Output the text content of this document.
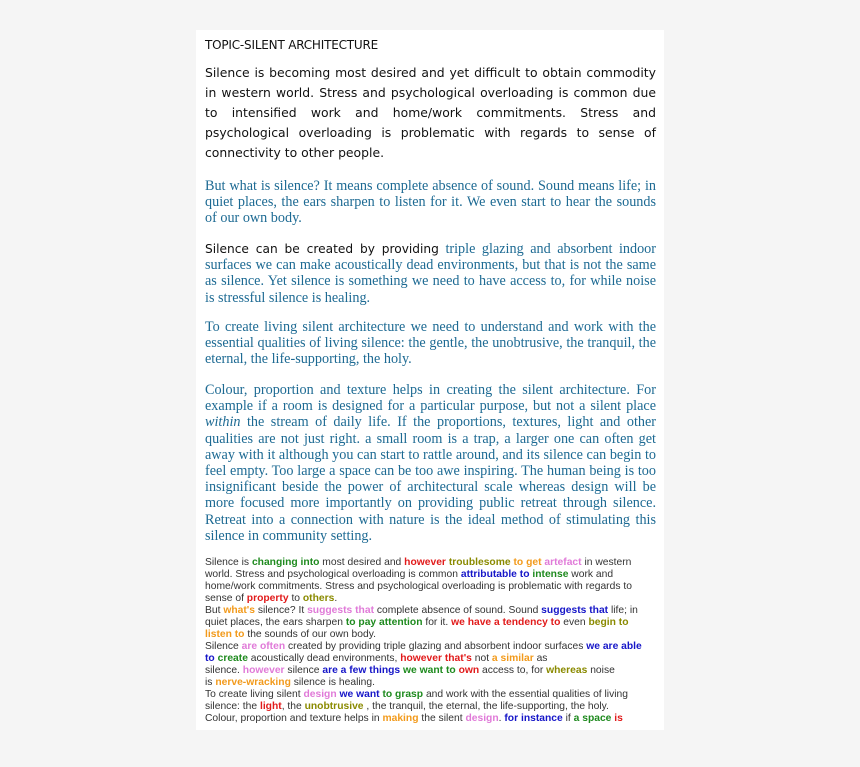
TOPIC-SILENT ARCHITECTURE

Silence is becoming most desired and yet difficult to obtain commodity in western world. Stress and psychological overloading is common due to intensified work and home/work commitments. Stress and psychological overloading is problematic with regards to sense of connectivity to other people.

But what is silence? It means complete absence of sound. Sound means life; in quiet places, the ears sharpen to listen for it. We even start to hear the sounds of our own body.

Silence can be created by providing triple glazing and absorbent indoor surfaces we can make acoustically dead environments, but that is not the same as silence. Yet silence is something we need to have access to, for while noise is stressful silence is healing.

To create living silent architecture we need to understand and work with the essential qualities of living silence: the gentle, the unobtrusive, the tranquil, the eternal, the life-supporting, the holy.

Colour, proportion and texture helps in creating the silent architecture. For example if a room is designed for a particular purpose, but not a silent place within the stream of daily life. If the proportions, textures, light and other qualities are not just right. a small room is a trap, a larger one can often get away with it although you can start to rattle around, and its silence can begin to feel empty. Too large a space can be too awe inspiring. The human being is too insignificant beside the power of architectural scale whereas design will be more focused more importantly on providing public retreat through silence. Retreat into a connection with nature is the ideal method of stimulating this silence in community setting.

Silence is changing into most desired and however troublesome to get artefact in western
world. Stress and psychological overloading is common attributable to intense work and
home/work commitments. Stress and psychological overloading is problematic with regards to
sense of property to others.
But what's silence? It suggests that complete absence of sound. Sound suggests that life; in
quiet places, the ears sharpen to pay attention for it. we have a tendency to even begin to
listen to the sounds of our own body.
Silence are often created by providing triple glazing and absorbent indoor surfaces we are able
to create acoustically dead environments, however that's not a similar as
silence. however silence are a few things we want to own access to, for whereas noise
is nerve-wracking silence is healing.
To create living silent design we want to grasp and work with the essential qualities of living
silence: the light, the unobtrusive , the tranquil, the eternal, the life-supporting, the holy.
Colour, proportion and texture helps in making the silent design. for instance if a space is
